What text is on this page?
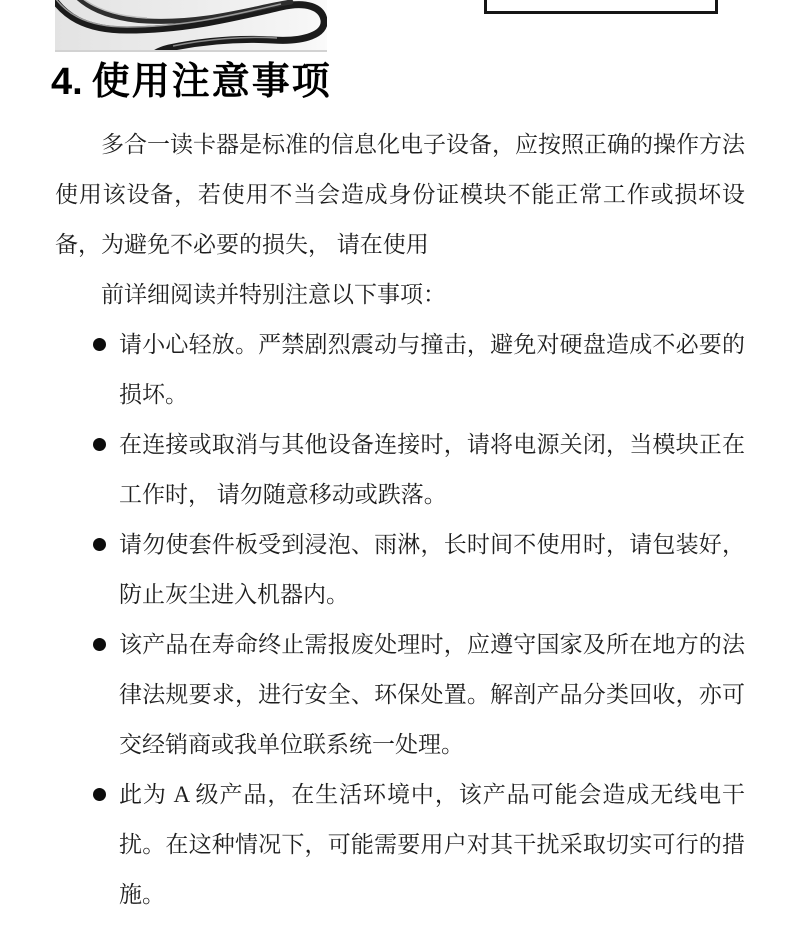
4. 使用注意事项

多合一读卡器是标准的信息化电子设备，应按照正确的操作方法使用该设备，若使用不当会造成身份证模块不能正常工作或损坏设备，为避免不必要的损失， 请在使用

前详细阅读并特别注意以下事项：

请小心轻放。严禁剧烈震动与撞击，避免对硬盘造成不必要的损坏。
在连接或取消与其他设备连接时，请将电源关闭，当模块正在工作时， 请勿随意移动或跌落。
请勿使套件板受到浸泡、雨淋，长时间不使用时，请包装好，防止灰尘进入机器内。
该产品在寿命终止需报废处理时，应遵守国家及所在地方的法律法规要求，进行安全、环保处置。解剖产品分类回收，亦可交经销商或我单位联系统一处理。
此为 A 级产品，在生活环境中，该产品可能会造成无线电干扰。在这种情况下，可能需要用户对其干扰采取切实可行的措施。
